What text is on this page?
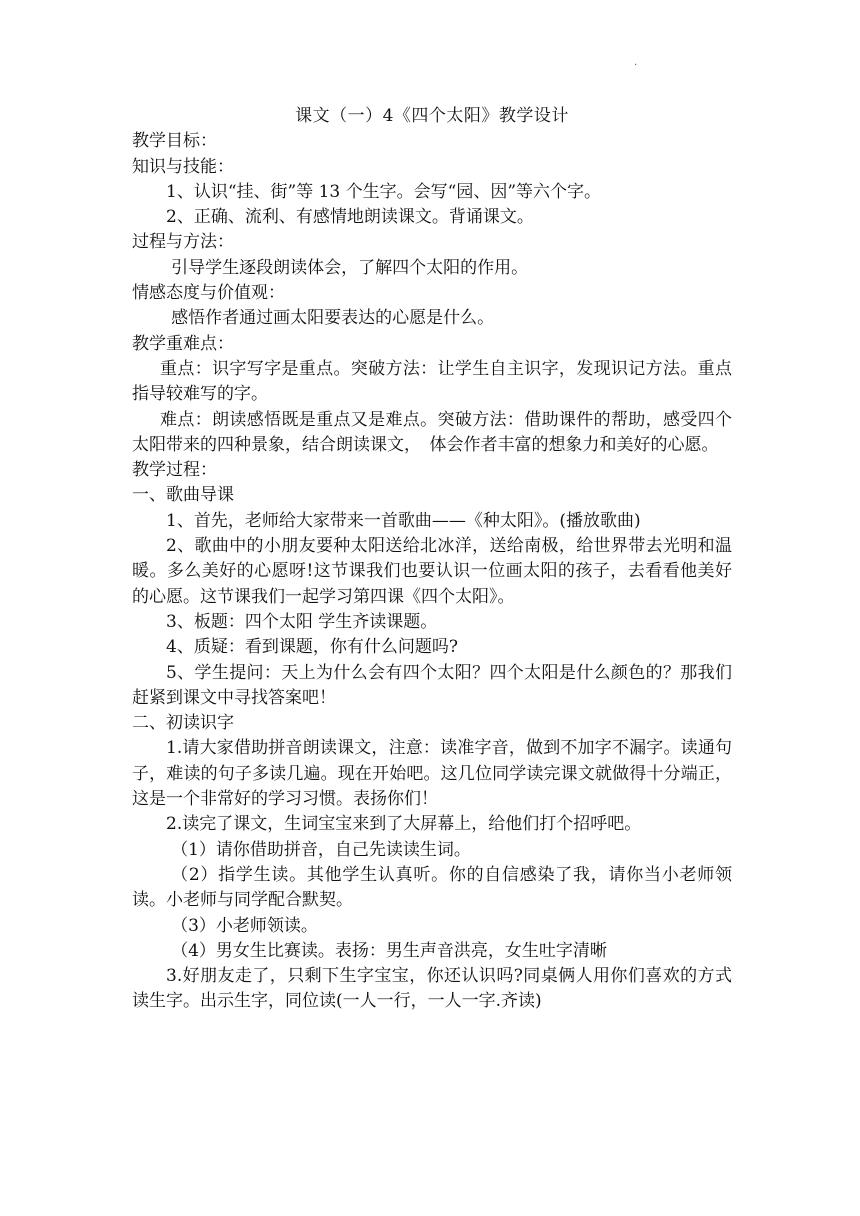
.

课文（一）4《四个太阳》教学设计

教学目标：

知识与技能：

1、认识“挂、街”等 13 个生字。会写“园、因”等六个字。

2、正确、流利、有感情地朗读课文。背诵课文。

过程与方法：

引导学生逐段朗读体会，了解四个太阳的作用。

情感态度与价值观：

感悟作者通过画太阳要表达的心愿是什么。

教学重难点：

重点：识字写字是重点。突破方法：让学生自主识字，发现识记方法。重点指导较难写的字。

难点：朗读感悟既是重点又是难点。突破方法：借助课件的帮助，感受四个太阳带来的四种景象，结合朗读课文，　体会作者丰富的想象力和美好的心愿。

教学过程：

一、歌曲导课

1、首先，老师给大家带来一首歌曲——《种太阳》。(播放歌曲)

2、歌曲中的小朋友要种太阳送给北冰洋，送给南极，给世界带去光明和温暖。多么美好的心愿呀!这节课我们也要认识一位画太阳的孩子，去看看他美好的心愿。这节课我们一起学习第四课《四个太阳》。

3、板题：四个太阳 学生齐读课题。

4、质疑：看到课题，你有什么问题吗?

5、学生提问：天上为什么会有四个太阳？四个太阳是什么颜色的？那我们赶紧到课文中寻找答案吧！

二、初读识字

1.请大家借助拼音朗读课文，注意：读准字音，做到不加字不漏字。读通句子，难读的句子多读几遍。现在开始吧。这几位同学读完课文就做得十分端正，这是一个非常好的学习习惯。表扬你们！

2.读完了课文，生词宝宝来到了大屏幕上，给他们打个招呼吧。

（1）请你借助拼音，自己先读读生词。

（2）指学生读。其他学生认真听。你的自信感染了我，请你当小老师领读。小老师与同学配合默契。

（3）小老师领读。

（4）男女生比赛读。表扬：男生声音洪亮，女生吐字清晰

3.好朋友走了，只剩下生字宝宝，你还认识吗?同桌俩人用你们喜欢的方式读生字。出示生字，同位读(一人一行，一人一字.齐读)
